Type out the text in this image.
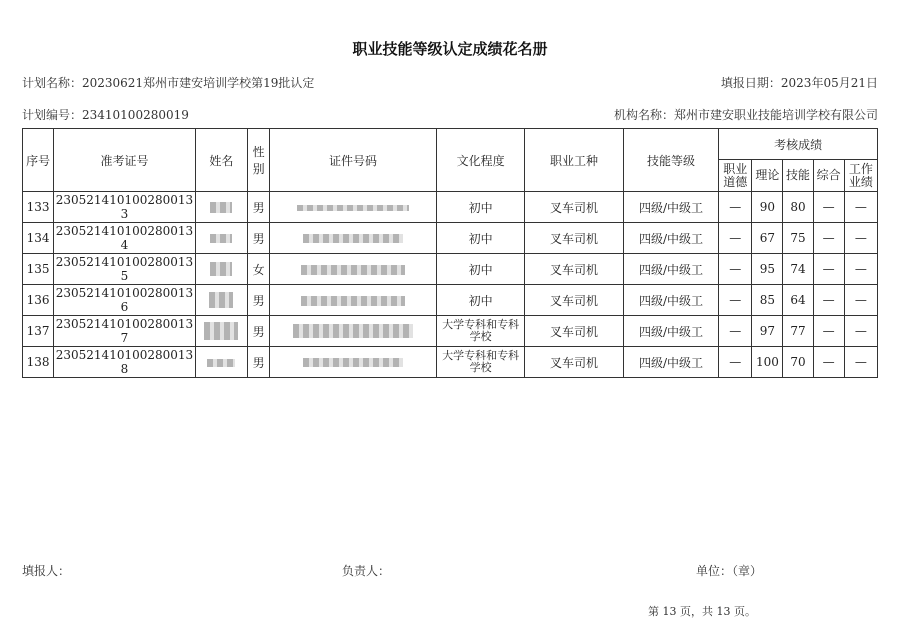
职业技能等级认定成绩花名册
计划名称：20230621郑州市建安培训学校第19批认定	填报日期：2023年05月21日
计划编号：23410100280019	机构名称：郑州市建安职业技能培训学校有限公司
序号	准考证号	姓名	性别	证件号码	文化程度	职业工种	技能等级	考核成绩				
								职业道德	理论	技能	综合	工作业绩
133	230521410100280013​3		男		初中	叉车司机	四级/中级工	—	90	80	—	—
134	230521410100280013​4		男		初中	叉车司机	四级/中级工	—	67	75	—	—
135	230521410100280013​5		女		初中	叉车司机	四级/中级工	—	95	74	—	—
136	230521410100280013​6		男		初中	叉车司机	四级/中级工	—	85	64	—	—
137	230521410100280013​7		男		大学专科和专科学校	叉车司机	四级/中级工	—	97	77	—	—
138	230521410100280013​8		男		大学专科和专科学校	叉车司机	四级/中级工	—	100	70	—	—
填报人：	负责人：	单位：（章）
第 13 页，共 13 页。
